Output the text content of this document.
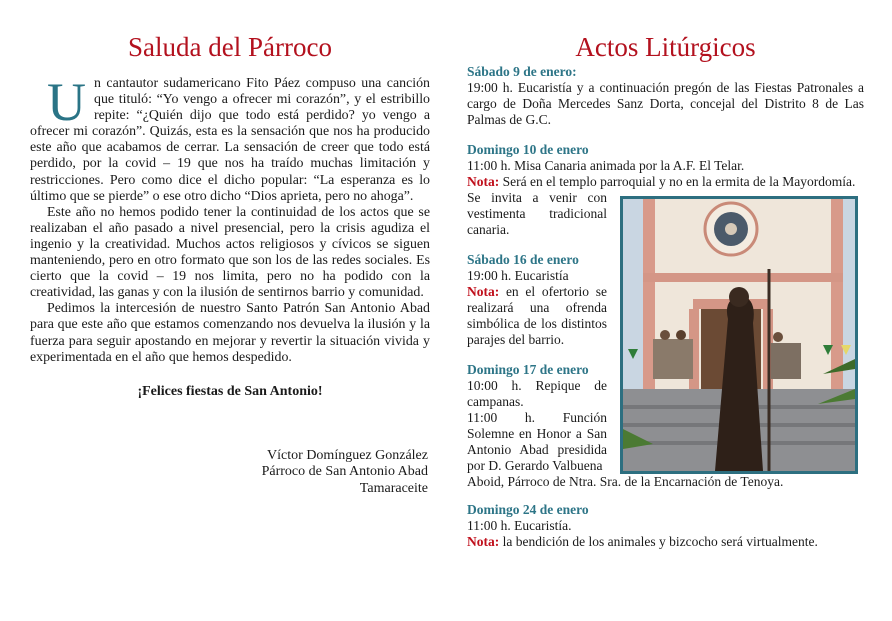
Saluda del Párroco
Un cantautor sudamericano Fito Páez compuso una canción que tituló: “Yo vengo a ofrecer mi corazón”, y el estribillo repite: “¿Quién dijo que todo está perdido? yo vengo a ofrecer mi corazón”. Quizás, esta es la sensación que nos ha producido este año que acabamos de cerrar. La sensación de creer que todo está perdido, por la covid – 19 que nos ha traído muchas limitación y restricciones. Pero como dice el dicho popular: “La esperanza es lo último que se pierde” o ese otro dicho “Dios aprieta, pero no ahoga”.

Este año no hemos podido tener la continuidad de los actos que se realizaban el año pasado a nivel presencial, pero la crisis agudiza el ingenio y la creatividad. Muchos actos religiosos y cívicos se siguen manteniendo, pero en otro formato que son los de las redes sociales. Es cierto que la covid – 19 nos limita, pero no ha podido con la creatividad, las ganas y con la ilusión de sentirnos barrio y comunidad.

Pedimos la intercesión de nuestro Santo Patrón San Antonio Abad para que este año que estamos comenzando nos devuelva la ilusión y la fuerza para seguir apostando en mejorar y revertir la situación vivida y experimentada en el año que hemos despedido.

¡Felices fiestas de San Antonio!
Víctor Domínguez González
Párroco de San Antonio Abad
Tamaraceite
Actos Litúrgicos
Sábado 9 de enero:
19:00 h. Eucaristía y a continuación pregón de las Fiestas Patronales a cargo de Doña Mercedes Sanz Dorta, concejal del Distrito 8 de Las Palmas de G.C.
Domingo 10 de enero
11:00 h. Misa Canaria animada por la A.F. El Telar.
Nota: Será en el templo parroquial y no en la ermita de la Mayordomía.
Se invita a venir con vestimenta tradicional canaria.
Sábado 16 de enero
19:00 h. Eucaristía
Nota: en el ofertorio se realizará una ofrenda simbólica de los distintos parajes del barrio.
Domingo 17 de enero
10:00 h. Repique de campanas.
11:00 h. Función Solemne en Honor a San Antonio Abad presidida por D. Gerardo Valbuena
Aboid, Párroco de Ntra. Sra. de la Encarnación de Tenoya.
Domingo 24 de enero
11:00 h. Eucaristía.
Nota: la bendición de los animales y bizcocho será virtualmente.
